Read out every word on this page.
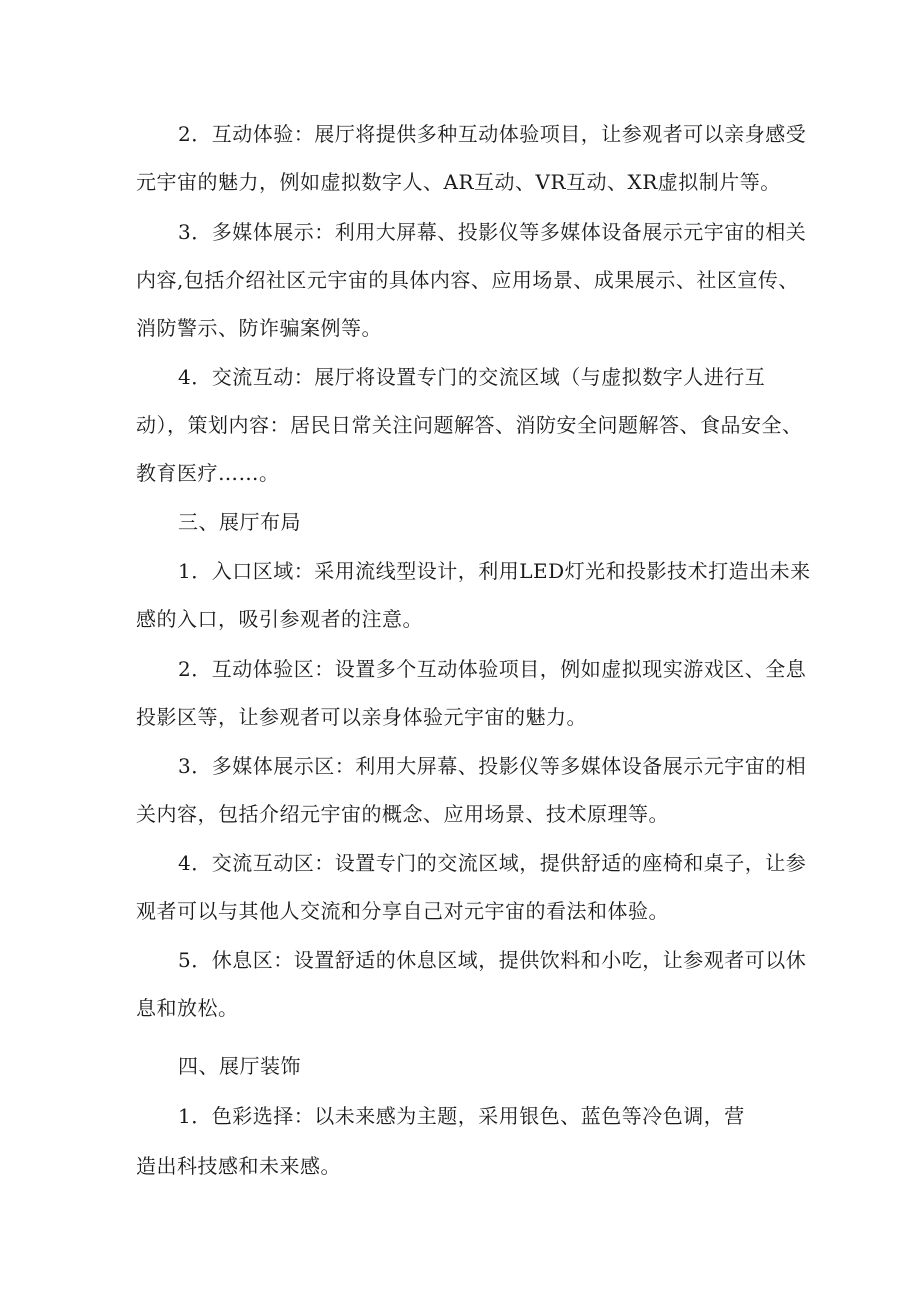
2．互动体验：展厅将提供多种互动体验项目，让参观者可以亲身感受
元宇宙的魅力，例如虚拟数字人、AR互动、VR互动、XR虚拟制片等。
3．多媒体展示：利用大屏幕、投影仪等多媒体设备展示元宇宙的相关
内容,包括介绍社区元宇宙的具体内容、应用场景、成果展示、社区宣传、
消防警示、防诈骗案例等。
4．交流互动：展厅将设置专门的交流区域（与虚拟数字人进行互
动），策划内容：居民日常关注问题解答、消防安全问题解答、食品安全、
教育医疗……。
三、展厅布局
1．入口区域：采用流线型设计，利用LED灯光和投影技术打造出未来
感的入口，吸引参观者的注意。
2．互动体验区：设置多个互动体验项目，例如虚拟现实游戏区、全息
投影区等，让参观者可以亲身体验元宇宙的魅力。
3．多媒体展示区：利用大屏幕、投影仪等多媒体设备展示元宇宙的相
关内容，包括介绍元宇宙的概念、应用场景、技术原理等。
4．交流互动区：设置专门的交流区域，提供舒适的座椅和桌子，让参
观者可以与其他人交流和分享自己对元宇宙的看法和体验。
5．休息区：设置舒适的休息区域，提供饮料和小吃，让参观者可以休
息和放松。
四、展厅装饰
1．色彩选择：以未来感为主题，采用银色、蓝色等冷色调，营
造出科技感和未来感。
